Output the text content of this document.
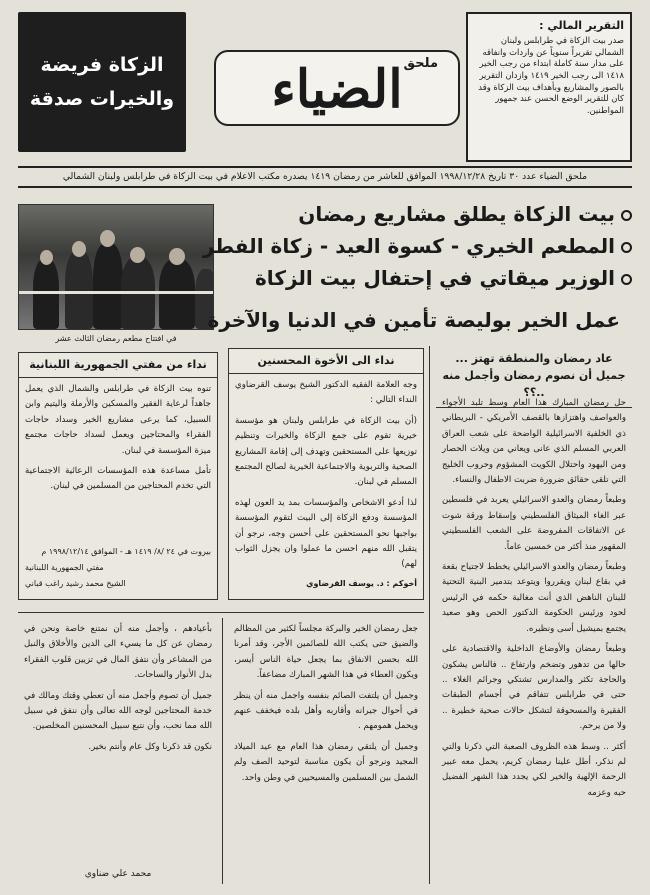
التقرير المالي :
صدر بيت الزكاة في طرابلس ولبنان الشمالي تقريراً سنوياً عن واردات وانفاقه على مدار سنة كاملة ابتداء من رجب الخير ١٤١٨ الى رجب الخير ١٤١٩ وازدان التقرير بالصور والمشاريع وبأهداف بيت الزكاة وقد كان للتقرير الوضع الحسن عند جمهور المواطنين.
ملحق
الضياء
الزكاة فريضة
والخيرات صدقة
ملحق الضياء عدد ٣٠ تاريخ ١٩٩٨/١٢/٢٨ الموافق للعاشر من رمضان ١٤١٩ يصدره مكتب الاعلام في بيت الزكاة في طرابلس ولبنان الشمالي
في افتتاح مطعم رمضان الثالث عشر
بيت الزكاة يطلق مشاريع رمضان
المطعم الخيري - كسوة العيد - زكاة الفطر
الوزير ميقاتي في إحتفال بيت الزكاة
عمل الخير بوليصة تأمين في الدنيا والآخرة
عاد رمضان والمنطقة تهتز ...
جميل أن نصوم رمضان وأجمل منه ..؟؟

حل رمضان المبارك هذا العام وسط تلبد الأجواء والعواصف واهتزازها بالقصف الأمريكي - البريطاني ذي الخلفية الاسرائيلية الواضحة على شعب العراق العربي المسلم الذي عانى ويعاني من ويلات الحصار ومن اليهود واحتلال الكويت المشؤوم وحروب الخليج التي تلقى حقائق ضرورة ضربت الاطفال والنساء.

وطبعاً رمضان والعدو الاسرائيلي يعربد في فلسطين عبر الغاء الميثاق الفلسطيني وإسقاط ورقة شوت عن الاتفاقات المفروضة على الشعب الفلسطيني المقهور منذ أكثر من خمسين عاماً.

وطبعاً رمضان والعدو الاسرائيلي يخطط لاجتياح بقعة في بقاع لبنان ويقرروا ويتوعد بتدمير البنية التحتية للبنان الناهض الذي أنت مغالبة حكمه في الرئيس لحود ورئيس الحكومة الدكتور الحص وهو صعيد يجتمع بميشيل أسى ونظيره.

وطبعاً رمضان والأوضاع الداخلية والاقتصادية على حالها من تدهور وتضخم وارتفاع .. فالناس يشكون والحاجة تكثر والمدارس تشتكي وجرائم الغلاء .. حتى في طرابلس تتفاقم في أجسام الطبقات الفقيرة والمسحوقة لتشكل حالات صحية خطيرة .. ولا من يرحم.

أكثر .. وسط هذه الظروف الصعبة التي ذكرنا والتي لم نذكر، أطل علينا رمضان كريم، يحمل معه عبير الرحمة الإلهية والخير لكي يجدد هذا الشهر الفضيل حبه وعزمه

نداء الى الأخوة المحسنين

وجه العلامة الفقيه الدكتور الشيخ يوسف القرضاوي النداء التالي :

(أن بيت الزكاة في طرابلس ولبنان هو مؤسسة خيرية تقوم على جمع الزكاة والخيرات وتنظيم توزيعها على المستحقين وتهدف إلى إقامة المشاريع الصحية والتربوية والاجتماعية الخيرية لصالح المجتمع المسلم في لبنان.

لذا أدعو الاشخاص والمؤسسات بمد يد العون لهذه المؤسسة ودفع الزكاة إلى البيت لتقوم المؤسسة بواجبها نحو المستحقين على أحسن وجه، نرجو أن يتقبل الله منهم احسن ما عملوا وان يجزل الثواب لهم)

أخوكم : د. يوسف القرضاوي
نداء من مفتي الجمهورية اللبنانية

تنوه بيت الزكاة في طرابلس والشمال الذي يعمل جاهداً لرعاية الفقير والمسكين والأرملة واليتيم وابن السبيل، كما يرعى مشاريع الخير وسداد حاجات الفقراء والمحتاجين ويعمل لسداد حاجات مجتمع ميزة المؤسسة في لبنان.

تأمل مساعدة هذه المؤسسات الرعائية الاجتماعية التي تخدم المحتاجين من المسلمين في لبنان.

بيروت في ٢٤ /٨/ ١٤١٩ هـ - الموافق ١٩٩٨/١٢/١٤ م
مفتي الجمهورية اللبنانية
الشيخ محمد رشيد راغب قباني

جعل رمضان الخير والبركة مجلساً لكثير من المظالم والضيق حتى يكتب الله للصائمين الأجر، وقد أمرنا الله بحسن الانفاق بما يجعل حياة الناس أيسر، ويكون العطاء في هذا الشهر المبارك مضاعفاً.

وجميل أن يلتفت الصائم بنفسه واجمل منه أن ينظر في أحوال جيرانه وأقاربه وأهل بلده فيخفف عنهم ويحمل همومهم .

وجميل أن يلتقي رمضان هذا العام مع عيد الميلاد المجيد ونرجو أن يكون مناسبة لتوحيد الصف ولم الشمل بين المسلمين والمسيحيين في وطن واحد.

بأعيادهم ، وأجمل منه أن نمتنع خاصة ونحن في رمضان عن كل ما يسيء الى الدين والأخلاق والنبل من المشاعر وأن نتفق المال في تزيين قلوب الفقراء بدل الأنوار والساحات.

جميل أن تصوم وأجمل منه أن تعطي وقتك ومالك في خدمة المحتاجين لوجه الله تعالى وأن ننفق في سبيل الله مما نحب، وأن نتبع سبيل المحسنين المخلصين.

نكون قد ذكرنا وكل عام وأنتم بخير.

محمد علي ضناوي
